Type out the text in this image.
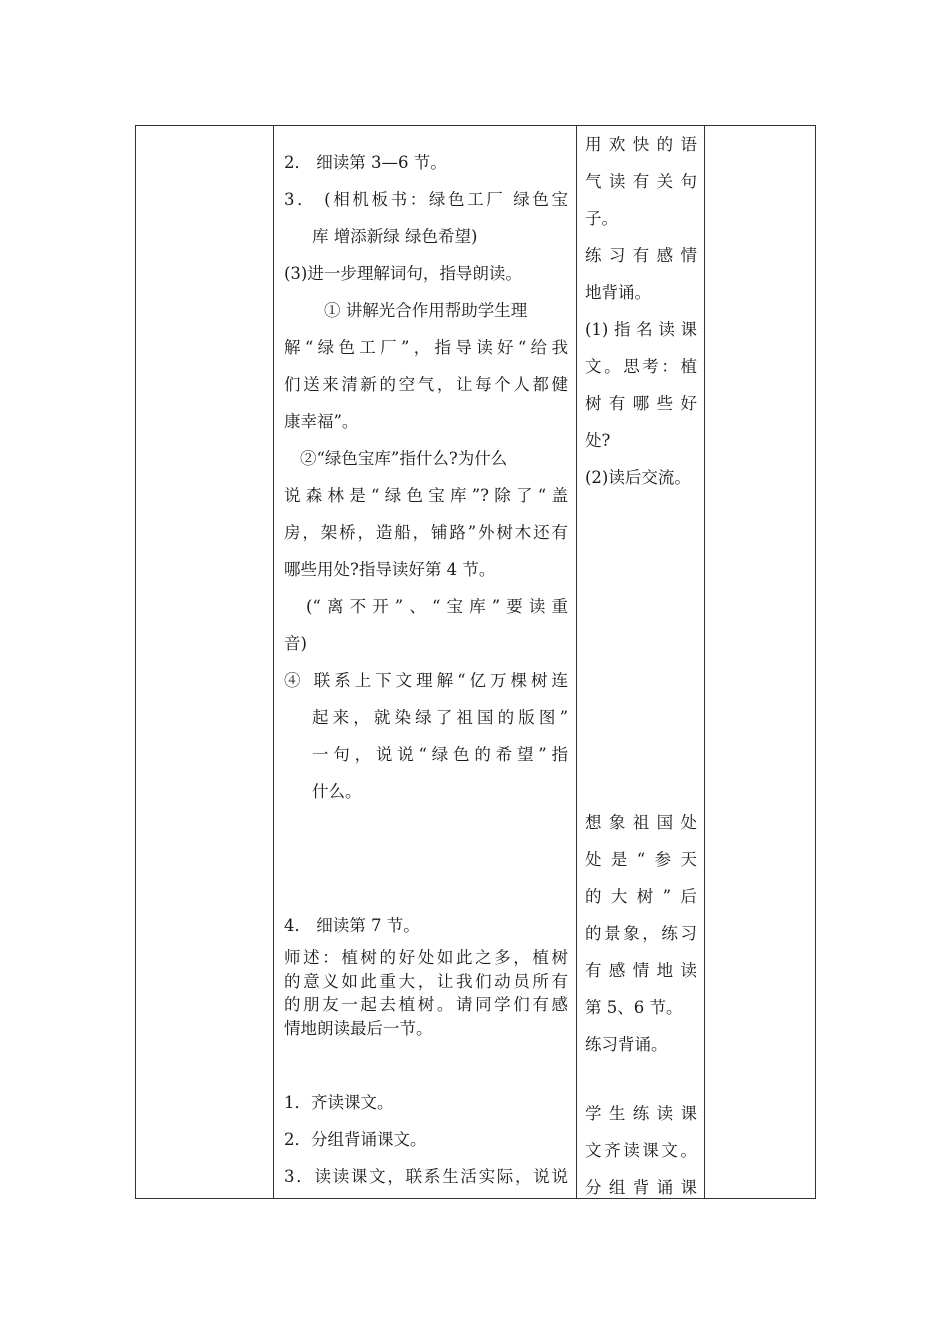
2． 细读第 3—6 节。
3． (相机板书：绿色工厂 绿色宝
库 增添新绿 绿色希望)
(3)进一步理解词句，指导朗读。
① 讲解光合作用帮助学生理
解“绿色工厂”，指导读好“给我
们送来清新的空气，让每个人都健
康幸福”。
②“绿色宝库”指什么?为什么
说森林是“绿色宝库”?除了“盖
房，架桥，造船，铺路”外树木还有
哪些用处?指导读好第 4 节。
(“离不开”、“宝库”要读重
音)
④ 联系上下文理解“亿万棵树连
起来，就染绿了祖国的版图”
一句，说说“绿色的希望”指
什么。
4． 细读第 7 节。
师述：植树的好处如此之多，植树
的意义如此重大，让我们动员所有
的朋友一起去植树。请同学们有感
情地朗读最后一节。
1．齐读课文。
2．分组背诵课文。
3．读读课文，联系生活实际，说说
用欢快的语
气读有关句
子。
练习有感情
地背诵。
(1)指名读课
文。思考：植
树有哪些好
处?
(2)读后交流。
想象祖国处
处是“参天
的大树”后
的景象，练习
有感情地读
第 5、6 节。
练习背诵。
学生练读课
文齐读课文。
分组背诵课
